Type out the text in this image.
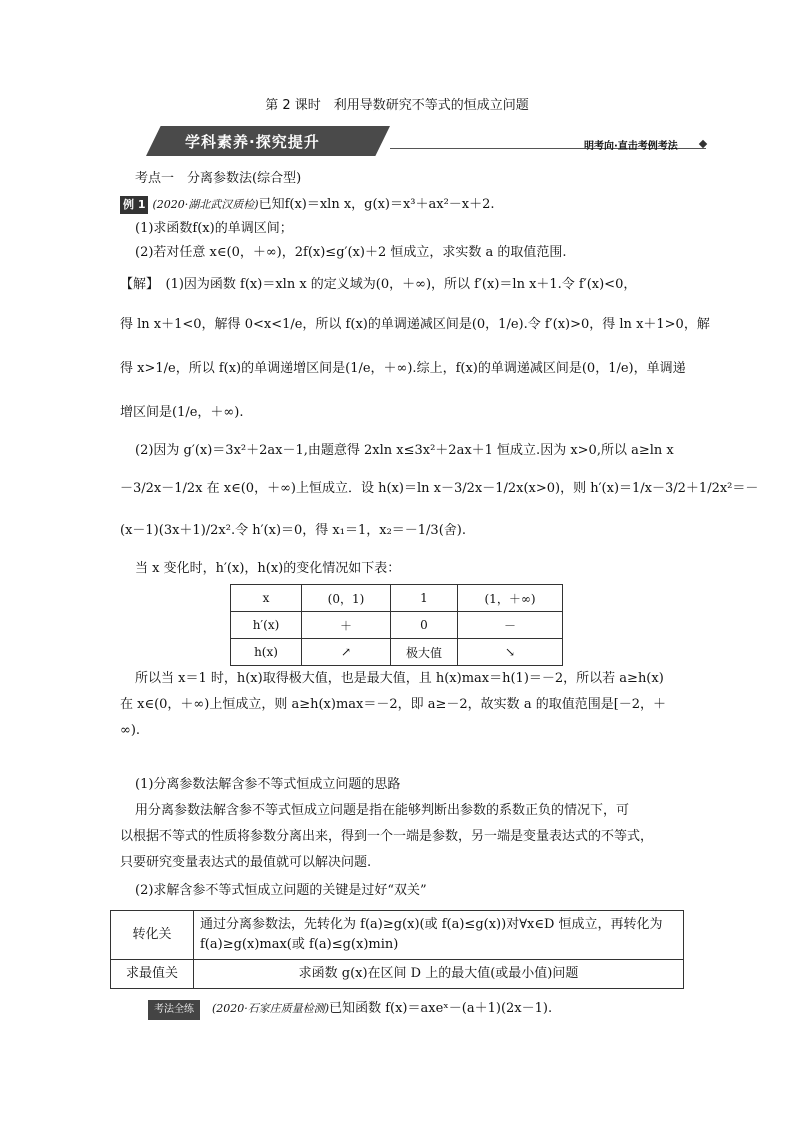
第 2 课时　利用导数研究不等式的恒成立问题
学科素养·探究提升	明考向·直击考例考法
考点一　分离参数法(综合型)
例 1 (2020·湖北武汉质检)已知f(x)＝xln x，g(x)＝x³＋ax²－x＋2.
(1)求函数f(x)的单调区间；
(2)若对任意 x∈(0，＋∞)，2f(x)≤g′(x)＋2 恒成立，求实数 a 的取值范围.
【解】　(1)因为函数 f(x)＝xln x 的定义域为(0，＋∞)，所以 f′(x)＝ln x＋1.令 f′(x)<0，
得 ln x＋1<0，解得 0<x<1/e，所以 f(x)的单调递减区间是(0，1/e).令 f′(x)>0，得 ln x＋1>0，解
得 x>1/e，所以 f(x)的单调递增区间是(1/e，＋∞).综上，f(x)的单调递减区间是(0，1/e)，单调递
增区间是(1/e，＋∞).
(2)因为 g′(x)＝3x²＋2ax－1,由题意得 2xln x≤3x²＋2ax＋1 恒成立.因为 x>0,所以 a≥ln x
－3/2x－1/2x 在 x∈(0，＋∞)上恒成立．设 h(x)＝ln x－3/2x－1/2x(x>0)，则 h′(x)＝1/x－3/2＋1/2x²＝－
(x－1)(3x＋1)/2x².令 h′(x)＝0，得 x₁＝1，x₂＝－1/3(舍).
当 x 变化时，h′(x)，h(x)的变化情况如下表：
x	(0，1)	1	(1，＋∞)
h′(x)	＋	0	－
h(x)	↗	极大值	↘
所以当 x＝1 时，h(x)取得极大值，也是最大值，且 h(x)max＝h(1)＝－2，所以若 a≥h(x)
在 x∈(0，＋∞)上恒成立，则 a≥h(x)max＝－2，即 a≥－2，故实数 a 的取值范围是[－2，＋
∞).
(1)分离参数法解含参不等式恒成立问题的思路
用分离参数法解含参不等式恒成立问题是指在能够判断出参数的系数正负的情况下，可
以根据不等式的性质将参数分离出来，得到一个一端是参数，另一端是变量表达式的不等式，
只要研究变量表达式的最值就可以解决问题.
(2)求解含参不等式恒成立问题的关键是过好“双关”
转化关	通过分离参数法，先转化为 f(a)≥g(x)(或 f(a)≤g(x))对∀x∈D 恒成立，再转化为 f(a)≥g(x)max(或 f(a)≤g(x)min)
求最值关	求函数 g(x)在区间 D 上的最大值(或最小值)问题
考法全练 (2020·石家庄质量检测)已知函数 f(x)＝axeˣ－(a＋1)(2x－1).
